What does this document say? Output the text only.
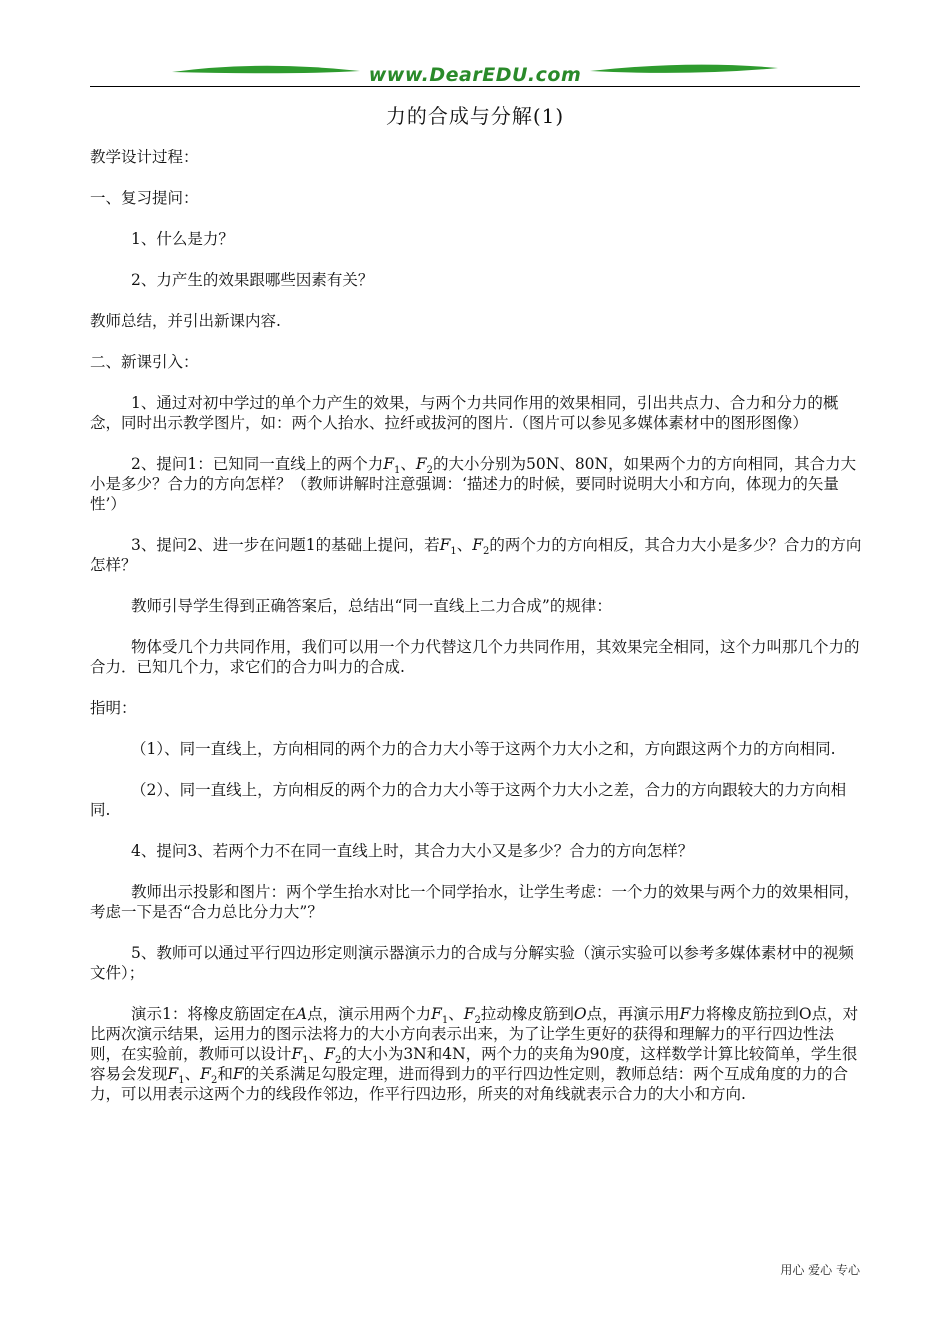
www.DearEDU.com
力的合成与分解(1)

教学设计过程：

一、复习提问：

1、什么是力？

2、力产生的效果跟哪些因素有关？

教师总结，并引出新课内容.

二、新课引入：

1、通过对初中学过的单个力产生的效果，与两个力共同作用的效果相同，引出共点力、合力和分力的概念，同时出示教学图片，如：两个人抬水、拉纤或拔河的图片.（图片可以参见多媒体素材中的图形图像）

2、提问1：已知同一直线上的两个力$F_1$、$F_2$的大小分别为50N、80N，如果两个力的方向相同，其合力大小是多少？合力的方向怎样？（教师讲解时注意强调：‘描述力的时候，要同时说明大小和方向，体现力的矢量性’）

3、提问2、进一步在问题1的基础上提问，若$F_1$、$F_2$的两个力的方向相反，其合力大小是多少？合力的方向怎样？

教师引导学生得到正确答案后，总结出“同一直线上二力合成”的规律：

物体受几个力共同作用，我们可以用一个力代替这几个力共同作用，其效果完全相同，这个力叫那几个力的合力．已知几个力，求它们的合力叫力的合成.

指明：

（1）、同一直线上，方向相同的两个力的合力大小等于这两个力大小之和，方向跟这两个力的方向相同.

（2）、同一直线上，方向相反的两个力的合力大小等于这两个力大小之差，合力的方向跟较大的力方向相同.

4、提问3、若两个力不在同一直线上时，其合力大小又是多少？合力的方向怎样？

教师出示投影和图片：两个学生抬水对比一个同学抬水，让学生考虑：一个力的效果与两个力的效果相同，考虑一下是否“合力总比分力大”？

5、教师可以通过平行四边形定则演示器演示力的合成与分解实验（演示实验可以参考多媒体素材中的视频文件）；

演示1：将橡皮筋固定在A点，演示用两个力$F_1$、$F_2$拉动橡皮筋到O点，再演示用F力将橡皮筋拉到O点，对比两次演示结果，运用力的图示法将力的大小方向表示出来，为了让学生更好的获得和理解力的平行四边性法则，在实验前，教师可以设计$F_1$、$F_2$的大小为3N和4N，两个力的夹角为90度，这样数学计算比较简单，学生很容易会发现$F_1$、$F_2$和F的关系满足勾股定理，进而得到力的平行四边性定则，教师总结：两个互成角度的力的合力，可以用表示这两个力的线段作邻边，作平行四边形，所夹的对角线就表示合力的大小和方向.

用心 爱心 专心
